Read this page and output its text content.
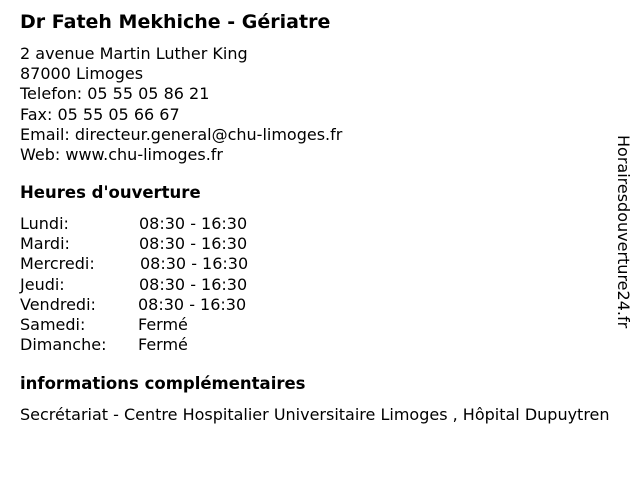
Dr Fateh Mekhiche - Gériatre
2 avenue Martin Luther King
87000 Limoges
Telefon: 05 55 05 86 21
Fax: 05 55 05 66 67
Email: directeur.general@chu-limoges.fr
Web: www.chu-limoges.fr
Heures d'ouverture
Lundi:	08:30 - 16:30
Mardi:	08:30 - 16:30
Mercredi:	08:30 - 16:30
Jeudi:	08:30 - 16:30
Vendredi:	08:30 - 16:30
Samedi:	Fermé
Dimanche: Fermé
informations complémentaires
Secrétariat - Centre Hospitalier Universitaire Limoges , Hôpital Dupuytren
Horairesdouverture24.fr
